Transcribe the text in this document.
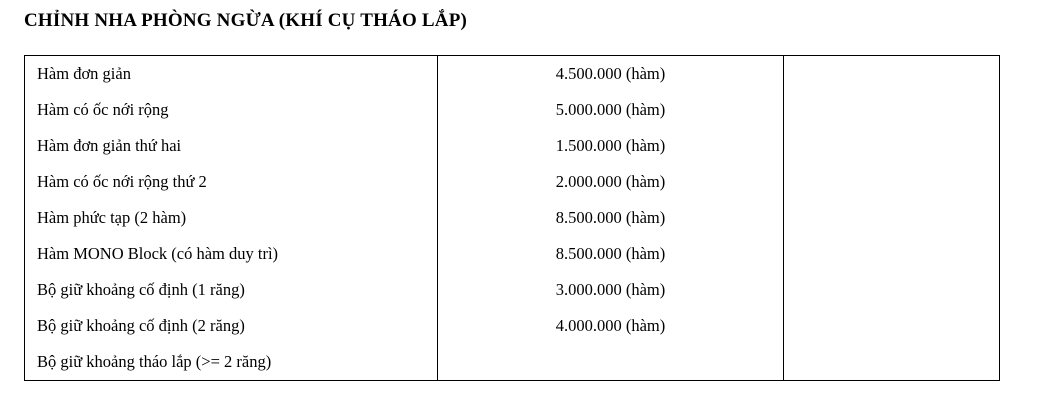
CHỈNH NHA PHÒNG NGỪA (KHÍ CỤ THÁO LẮP)
Hàm đơn giản	4.500.000 (hàm)	
Hàm có ốc nới rộng	5.000.000 (hàm)	
Hàm đơn giản thứ hai	1.500.000 (hàm)	
Hàm có ốc nới rộng thứ 2	2.000.000 (hàm)	
Hàm phức tạp (2 hàm)	8.500.000 (hàm)	
Hàm MONO Block (có hàm duy trì)	8.500.000 (hàm)	
Bộ giữ khoảng cố định (1 răng)	3.000.000 (hàm)	
Bộ giữ khoảng cố định (2 răng)	4.000.000 (hàm)	
Bộ giữ khoảng tháo lắp (>= 2 răng)		
